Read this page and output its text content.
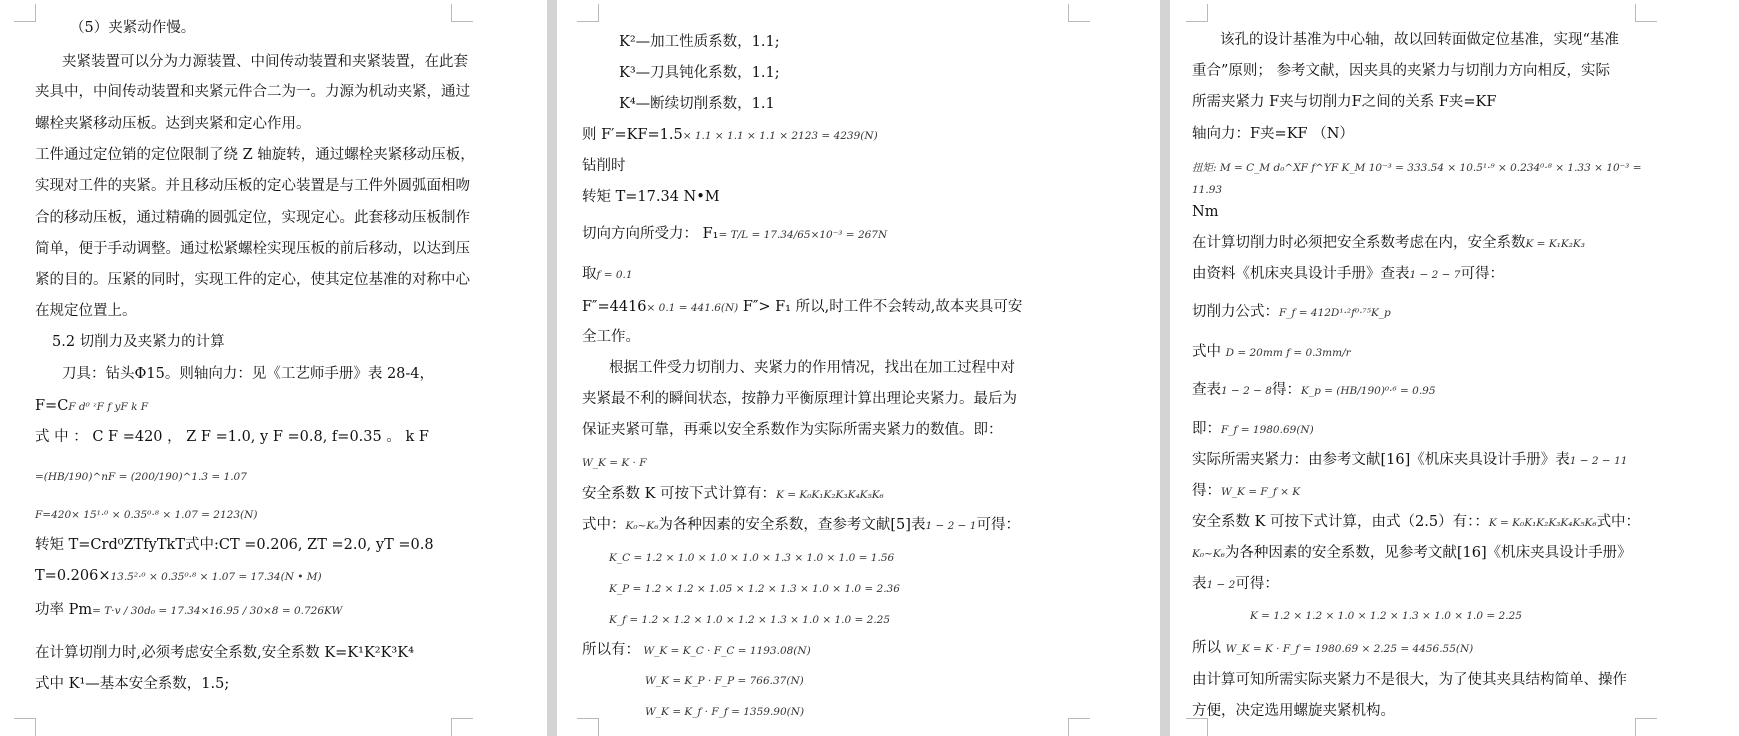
（5）夹紧动作慢。
夹紧装置可以分为力源装置、中间传动装置和夹紧装置，在此套
夹具中，中间传动装置和夹紧元件合二为一。力源为机动夹紧，通过
螺栓夹紧移动压板。达到夹紧和定心作用。
工件通过定位销的定位限制了绕 Z 轴旋转，通过螺栓夹紧移动压板，
实现对工件的夹紧。并且移动压板的定心装置是与工件外圆弧面相吻
合的移动压板，通过精确的圆弧定位，实现定心。此套移动压板制作
简单，便于手动调整。通过松紧螺栓实现压板的前后移动，以达到压
紧的目的。压紧的同时，实现工件的定心，使其定位基准的对称中心
在规定位置上。
5.2 切削力及夹紧力的计算
刀具：钻头Φ15。则轴向力：见《工艺师手册》表 28-4，
F=CF d⁰ ᶻF f yF k F
式 中 ： C F =420 ， Z F =1.0, y F =0.8, f=0.35 。 k F
=(HB/190)^nF = (200/190)^1.3 = 1.07
F=420× 15¹·⁰ × 0.35⁰·⁸ × 1.07 = 2123(N)
转矩 T=Crd⁰ZTfyTkT式中:CT =0.206, ZT =2.0, yT =0.8
T=0.206×13.5²·⁰ × 0.35⁰·⁸ × 1.07 = 17.34(N • M)
功率 Pm= T·v / 30d₀ = 17.34×16.95 / 30×8 = 0.726KW
在计算切削力时,必须考虑安全系数,安全系数 K=K¹K²K³K⁴
式中 K¹—基本安全系数，1.5;
K²—加工性质系数，1.1;
K³—刀具钝化系数，1.1;
K⁴—断续切削系数，1.1
则 F′=KF=1.5× 1.1 × 1.1 × 1.1 × 2123 = 4239(N)
钻削时
转矩 T=17.34 N•M
切向方向所受力： F₁= T/L = 17.34/65×10⁻³ = 267N
取f = 0.1
F″=4416× 0.1 = 441.6(N) F″> F₁ 所以,时工件不会转动,故本夹具可安
全工作。
根据工件受力切削力、夹紧力的作用情况，找出在加工过程中对
夹紧最不利的瞬间状态，按静力平衡原理计算出理论夹紧力。最后为
保证夹紧可靠，再乘以安全系数作为实际所需夹紧力的数值。即：
W_K = K · F
安全系数 K 可按下式计算有：K = K₀K₁K₂K₃K₄K₅K₆
式中：K₀~K₆为各种因素的安全系数，查参考文献[5]表1 − 2 − 1可得：
K_C = 1.2 × 1.0 × 1.0 × 1.0 × 1.3 × 1.0 × 1.0 = 1.56
K_P = 1.2 × 1.2 × 1.05 × 1.2 × 1.3 × 1.0 × 1.0 = 2.36
K_f = 1.2 × 1.2 × 1.0 × 1.2 × 1.3 × 1.0 × 1.0 = 2.25
所以有： W_K = K_C · F_C = 1193.08(N)
W_K = K_P · F_P = 766.37(N)
W_K = K_f · F_f = 1359.90(N)
该孔的设计基准为中心轴，故以回转面做定位基准，实现“基准
重合”原则； 参考文献，因夹具的夹紧力与切削力方向相反，实际
所需夹紧力 F夹与切削力F之间的关系 F夹=KF
轴向力：F夹=KF （N）
扭矩: M = C_M d₀^XF f^YF K_M 10⁻³ = 333.54 × 10.5¹·⁹ × 0.234⁰·⁸ × 1.33 × 10⁻³ =
11.93
Nm
在计算切削力时必须把安全系数考虑在内，安全系数K = K₁K₂K₃
由资料《机床夹具设计手册》查表1 − 2 − 7可得：
切削力公式：F_f = 412D¹·²f⁰·⁷⁵K_p
式中 D = 20mm f = 0.3mm/r
查表1 − 2 − 8得：K_p = (HB/190)⁰·⁶ = 0.95
即：F_f = 1980.69(N)
实际所需夹紧力：由参考文献[16]《机床夹具设计手册》表1 − 2 − 11
得：W_K = F_f × K
安全系数 K 可按下式计算，由式（2.5）有：：K = K₀K₁K₂K₃K₄K₅K₆式中：
K₀~K₆为各种因素的安全系数，见参考文献[16]《机床夹具设计手册》
表1 − 2可得：
K = 1.2 × 1.2 × 1.0 × 1.2 × 1.3 × 1.0 × 1.0 = 2.25
所以 W_K = K · F_f = 1980.69 × 2.25 = 4456.55(N)
由计算可知所需实际夹紧力不是很大，为了使其夹具结构简单、操作
方便，决定选用螺旋夹紧机构。
